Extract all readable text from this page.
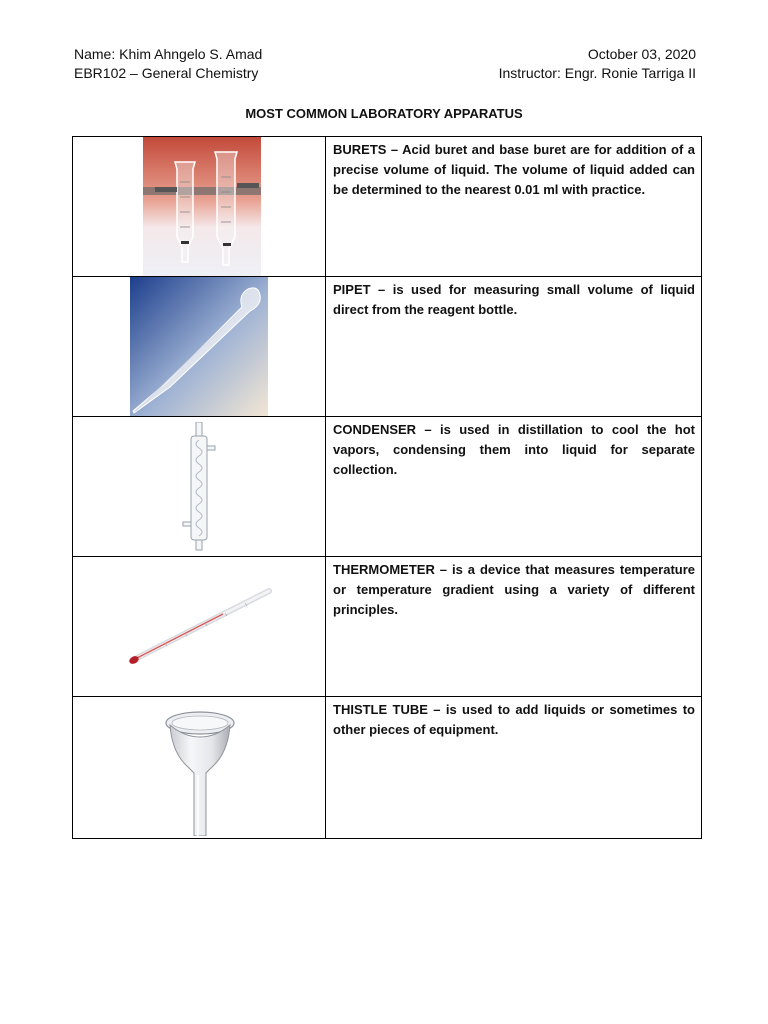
Name: Khim Ahngelo S. Amad	October 03, 2020
EBR102 – General Chemistry	Instructor: Engr. Ronie Tarriga II
MOST COMMON LABORATORY APPARATUS
BURETS – Acid buret and base buret are for addition of a precise volume of liquid. The volume of liquid added can be determined to the nearest 0.01 ml with practice.
PIPET – is used for measuring small volume of liquid direct from the reagent bottle.
CONDENSER – is used in distillation to cool the hot vapors, condensing them into liquid for separate collection.
THERMOMETER – is a device that measures temperature or temperature gradient using a variety of different principles.
THISTLE TUBE – is used to add liquids or sometimes to other pieces of equipment.
